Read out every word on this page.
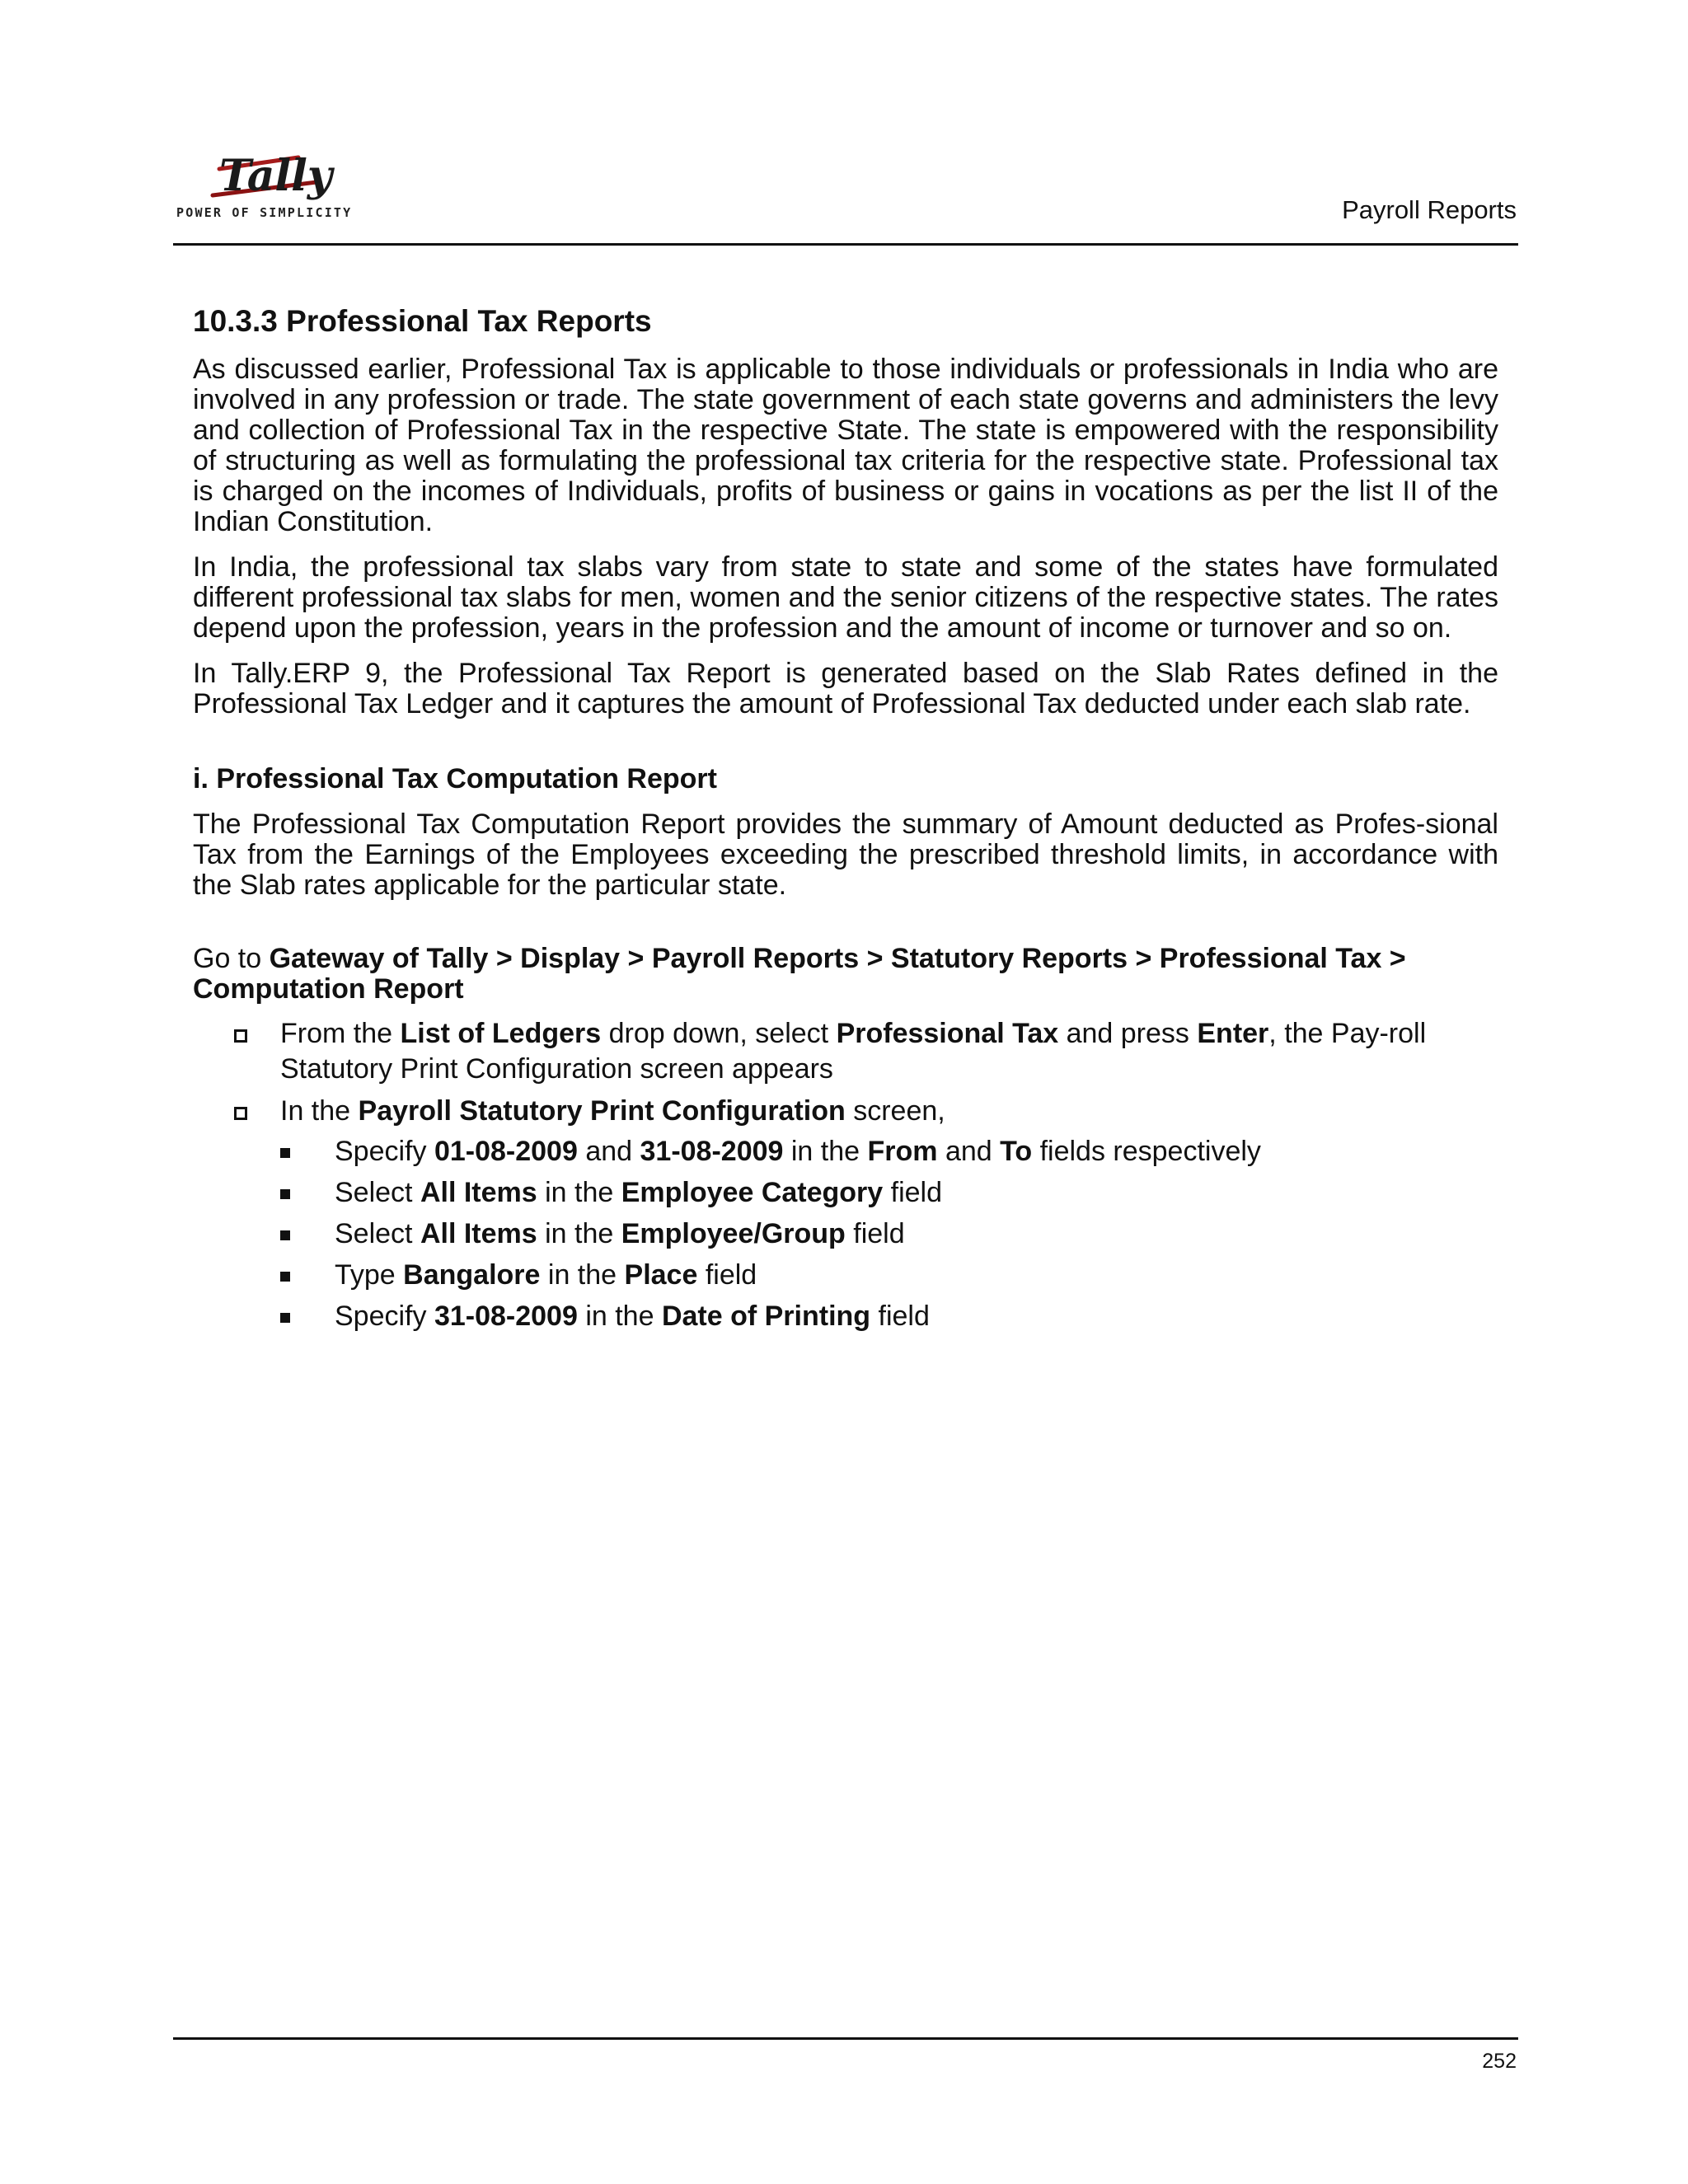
Tally
POWER OF SIMPLICITY	Payroll Reports
10.3.3 Professional Tax Reports

As discussed earlier, Professional Tax is applicable to those individuals or professionals in India who are involved in any profession or trade. The state government of each state governs and administers the levy and collection of Professional Tax in the respective State. The state is empowered with the responsibility of structuring as well as formulating the professional tax criteria for the respective state. Professional tax is charged on the incomes of Individuals, profits of business or gains in vocations as per the list II of the Indian Constitution.

In India, the professional tax slabs vary from state to state and some of the states have formulated different professional tax slabs for men, women and the senior citizens of the respective states. The rates depend upon the profession, years in the profession and the amount of income or turnover and so on.

In Tally.ERP 9, the Professional Tax Report is generated based on the Slab Rates defined in the Professional Tax Ledger and it captures the amount of Professional Tax deducted under each slab rate.

i. Professional Tax Computation Report

The Professional Tax Computation Report provides the summary of Amount deducted as Profes-sional Tax from the Earnings of the Employees exceeding the prescribed threshold limits, in accordance with the Slab rates applicable for the particular state.

Go to Gateway of Tally > Display > Payroll Reports > Statutory Reports > Professional Tax > Computation Report

From the List of Ledgers drop down, select Professional Tax and press Enter, the Pay-roll Statutory Print Configuration screen appears
In the Payroll Statutory Print Configuration screen,
Specify 01-08-2009 and 31-08-2009 in the From and To fields respectively
Select All Items in the Employee Category field
Select All Items in the Employee/Group field
Type Bangalore in the Place field
Specify 31-08-2009 in the Date of Printing field
252
